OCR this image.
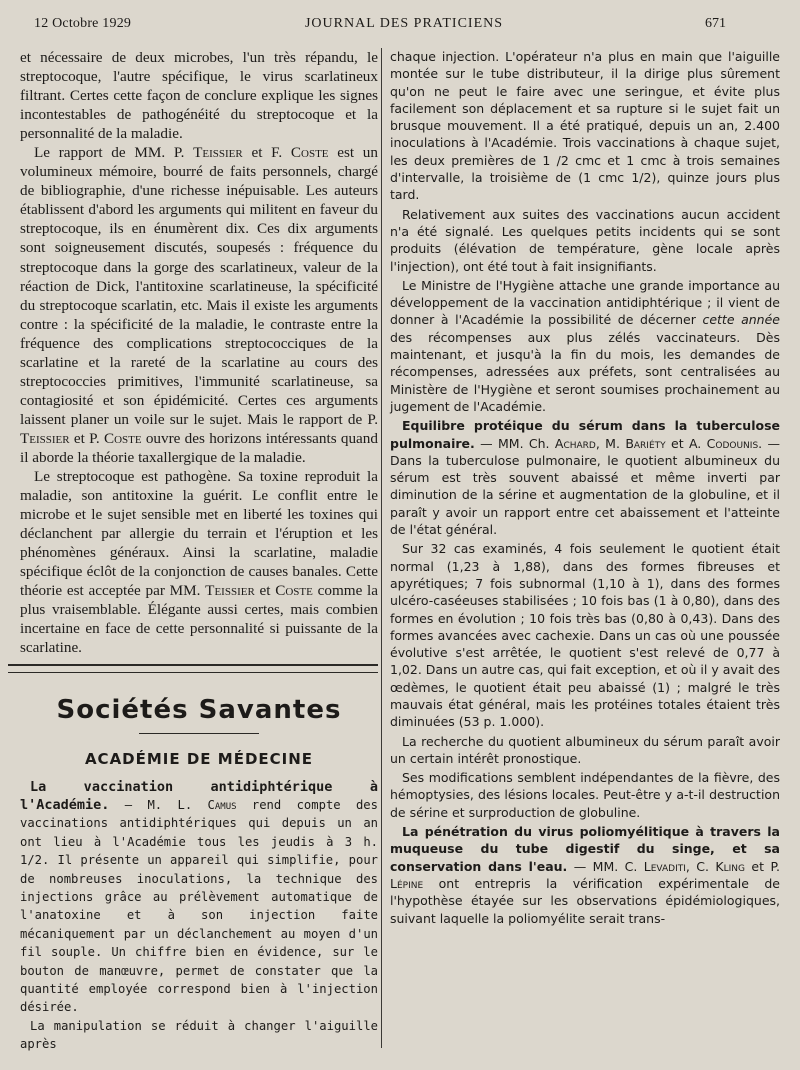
12 Octobre 1929	JOURNAL DES PRATICIENS	671

et nécessaire de deux microbes, l'un très répandu, le streptocoque, l'autre spécifique, le virus scarlatineux filtrant. Certes cette façon de conclure explique les signes incontestables de pathogénéité du streptocoque et la personnalité de la maladie.

Le rapport de MM. P. Teissier et F. Coste est un volumineux mémoire, bourré de faits personnels, chargé de bibliographie, d'une richesse inépuisable. Les auteurs établissent d'abord les arguments qui militent en faveur du streptocoque, ils en énumèrent dix. Ces dix arguments sont soigneusement discutés, soupesés : fréquence du streptocoque dans la gorge des scarlatineux, valeur de la réaction de Dick, l'antitoxine scarlatineuse, la spécificité du streptocoque scarlatin, etc. Mais il existe les arguments contre : la spécificité de la maladie, le contraste entre la fréquence des complications streptococciques de la scarlatine et la rareté de la scarlatine au cours des streptococcies primitives, l'immunité scarlatineuse, sa contagiosité et son épidémicité. Certes ces arguments laissent planer un voile sur le sujet. Mais le rapport de P. Teissier et P. Coste ouvre des horizons intéressants quand il aborde la théorie taxallergique de la maladie.

Le streptocoque est pathogène. Sa toxine reproduit la maladie, son antitoxine la guérit. Le conflit entre le microbe et le sujet sensible met en liberté les toxines qui déclanchent par allergie du terrain et l'éruption et les phénomènes généraux. Ainsi la scarlatine, maladie spécifique éclôt de la conjonction de causes banales. Cette théorie est acceptée par MM. Teissier et Coste comme la plus vraisemblable. Élégante aussi certes, mais combien incertaine en face de cette personnalité si puissante de la scarlatine.

Sociétés Savantes
ACADÉMIE DE MÉDECINE

La vaccination antidiphtérique à l'Académie. — M. L. Camus rend compte des vaccinations antidiphtériques qui depuis un an ont lieu à l'Académie tous les jeudis à 3 h. 1/2. Il présente un appareil qui simplifie, pour de nombreuses inoculations, la technique des injections grâce au prélèvement automatique de l'anatoxine et à son injection faite mécaniquement par un déclanchement au moyen d'un fil souple. Un chiffre bien en évidence, sur le bouton de manœuvre, permet de constater que la quantité employée correspond bien à l'injection désirée.

La manipulation se réduit à changer l'aiguille après

chaque injection. L'opérateur n'a plus en main que l'aiguille montée sur le tube distributeur, il la dirige plus sûrement qu'on ne peut le faire avec une seringue, et évite plus facilement son déplacement et sa rupture si le sujet fait un brusque mouvement. Il a été pratiqué, depuis un an, 2.400 inoculations à l'Académie. Trois vaccinations à chaque sujet, les deux premières de 1 /2 cmc et 1 cmc à trois semaines d'intervalle, la troisième de (1 cmc 1/2), quinze jours plus tard.

Relativement aux suites des vaccinations aucun accident n'a été signalé. Les quelques petits incidents qui se sont produits (élévation de température, gène locale après l'injection), ont été tout à fait insignifiants.

Le Ministre de l'Hygiène attache une grande importance au développement de la vaccination antidiphtérique ; il vient de donner à l'Académie la possibilité de décerner cette année des récompenses aux plus zélés vaccinateurs. Dès maintenant, et jusqu'à la fin du mois, les demandes de récompenses, adressées aux préfets, sont centralisées au Ministère de l'Hygiène et seront soumises prochainement au jugement de l'Académie.

Equilibre protéique du sérum dans la tuberculose pulmonaire. — MM. Ch. Achard, M. Bariéty et A. Codounis. — Dans la tuberculose pulmonaire, le quotient albumineux du sérum est très souvent abaissé et même inverti par diminution de la sérine et augmentation de la globuline, et il paraît y avoir un rapport entre cet abaissement et l'atteinte de l'état général.

Sur 32 cas examinés, 4 fois seulement le quotient était normal (1,23 à 1,88), dans des formes fibreuses et apyrétiques; 7 fois subnormal (1,10 à 1), dans des formes ulcéro-caséeuses stabilisées ; 10 fois bas (1 à 0,80), dans des formes en évolution ; 10 fois très bas (0,80 à 0,43). Dans des formes avancées avec cachexie. Dans un cas où une poussée évolutive s'est arrêtée, le quotient s'est relevé de 0,77 à 1,02. Dans un autre cas, qui fait exception, et où il y avait des œdèmes, le quotient était peu abaissé (1) ; malgré le très mauvais état général, mais les protéines totales étaient très diminuées (53 p. 1.000).

La recherche du quotient albumineux du sérum paraît avoir un certain intérêt pronostique.

Ses modifications semblent indépendantes de la fièvre, des hémoptysies, des lésions locales. Peut-être y a-t-il destruction de sérine et surproduction de globuline.

La pénétration du virus poliomyélitique à travers la muqueuse du tube digestif du singe, et sa conservation dans l'eau. — MM. C. Levaditi, C. Kling et P. Lépine ont entrepris la vérification expérimentale de l'hypothèse étayée sur les observations épidémiologiques, suivant laquelle la poliomyélite serait trans-
